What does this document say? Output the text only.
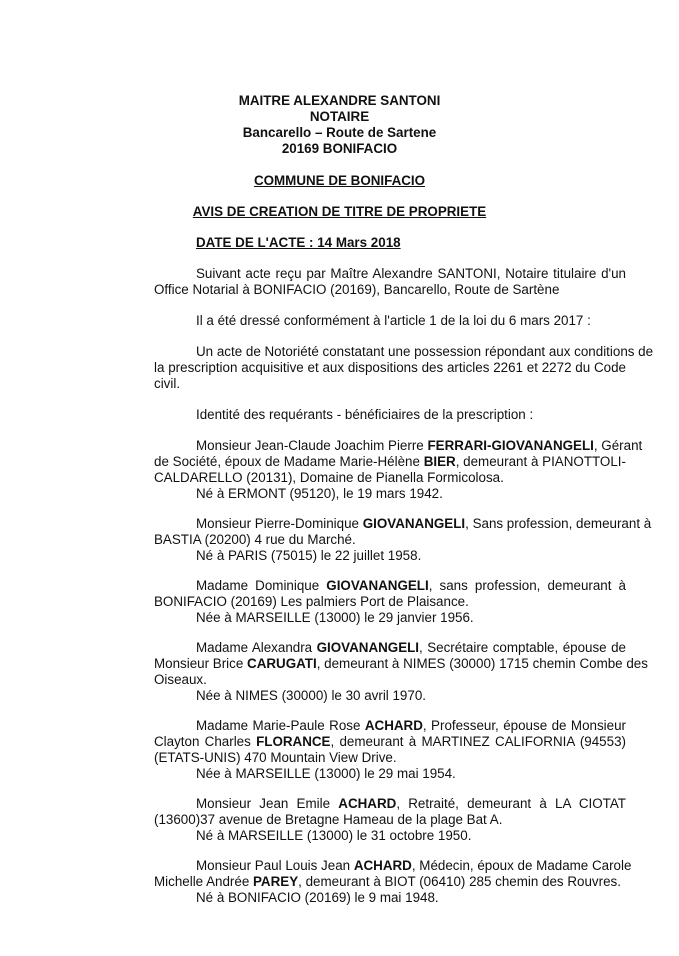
MAITRE ALEXANDRE SANTONI
NOTAIRE
Bancarello – Route de Sartene
20169 BONIFACIO
COMMUNE DE BONIFACIO
AVIS DE CREATION DE TITRE DE PROPRIETE
DATE DE L'ACTE : 14 Mars 2018
Suivant acte reçu par Maître Alexandre SANTONI, Notaire titulaire d'un
Office Notarial à BONIFACIO (20169), Bancarello, Route de Sartène
Il a été dressé conformément à l'article 1 de la loi du 6 mars 2017 :
Un acte de Notoriété constatant une possession répondant aux conditions de
la prescription acquisitive et aux dispositions des articles 2261 et 2272 du Code
civil.
Identité des requérants - bénéficiaires de la prescription :
Monsieur Jean-Claude Joachim Pierre FERRARI-GIOVANANGELI, Gérant
de Société, époux de Madame Marie-Hélène BIER, demeurant à PIANOTTOLI-
CALDARELLO (20131), Domaine de Pianella Formicolosa.
Né à ERMONT (95120), le 19 mars 1942.
Monsieur Pierre-Dominique GIOVANANGELI, Sans profession, demeurant à
BASTIA (20200) 4 rue du Marché.
Né à PARIS (75015) le 22 juillet 1958.
Madame Dominique GIOVANANGELI, sans profession, demeurant à
BONIFACIO (20169) Les palmiers Port de Plaisance.
Née à MARSEILLE (13000) le 29 janvier 1956.
Madame Alexandra GIOVANANGELI, Secrétaire comptable, épouse de
Monsieur Brice CARUGATI, demeurant à NIMES (30000) 1715 chemin Combe des
Oiseaux.
Née à NIMES (30000) le 30 avril 1970.
Madame Marie-Paule Rose ACHARD, Professeur, épouse de Monsieur
Clayton Charles FLORANCE, demeurant à MARTINEZ CALIFORNIA (94553)
(ETATS-UNIS) 470 Mountain View Drive.
Née à MARSEILLE (13000) le 29 mai 1954.
Monsieur Jean Emile ACHARD, Retraité, demeurant à LA CIOTAT
(13600)37 avenue de Bretagne Hameau de la plage Bat A.
Né à MARSEILLE (13000) le 31 octobre 1950.
Monsieur Paul Louis Jean ACHARD, Médecin, époux de Madame Carole
Michelle Andrée PAREY, demeurant à BIOT (06410) 285 chemin des Rouvres.
Né à BONIFACIO (20169) le 9 mai 1948.
